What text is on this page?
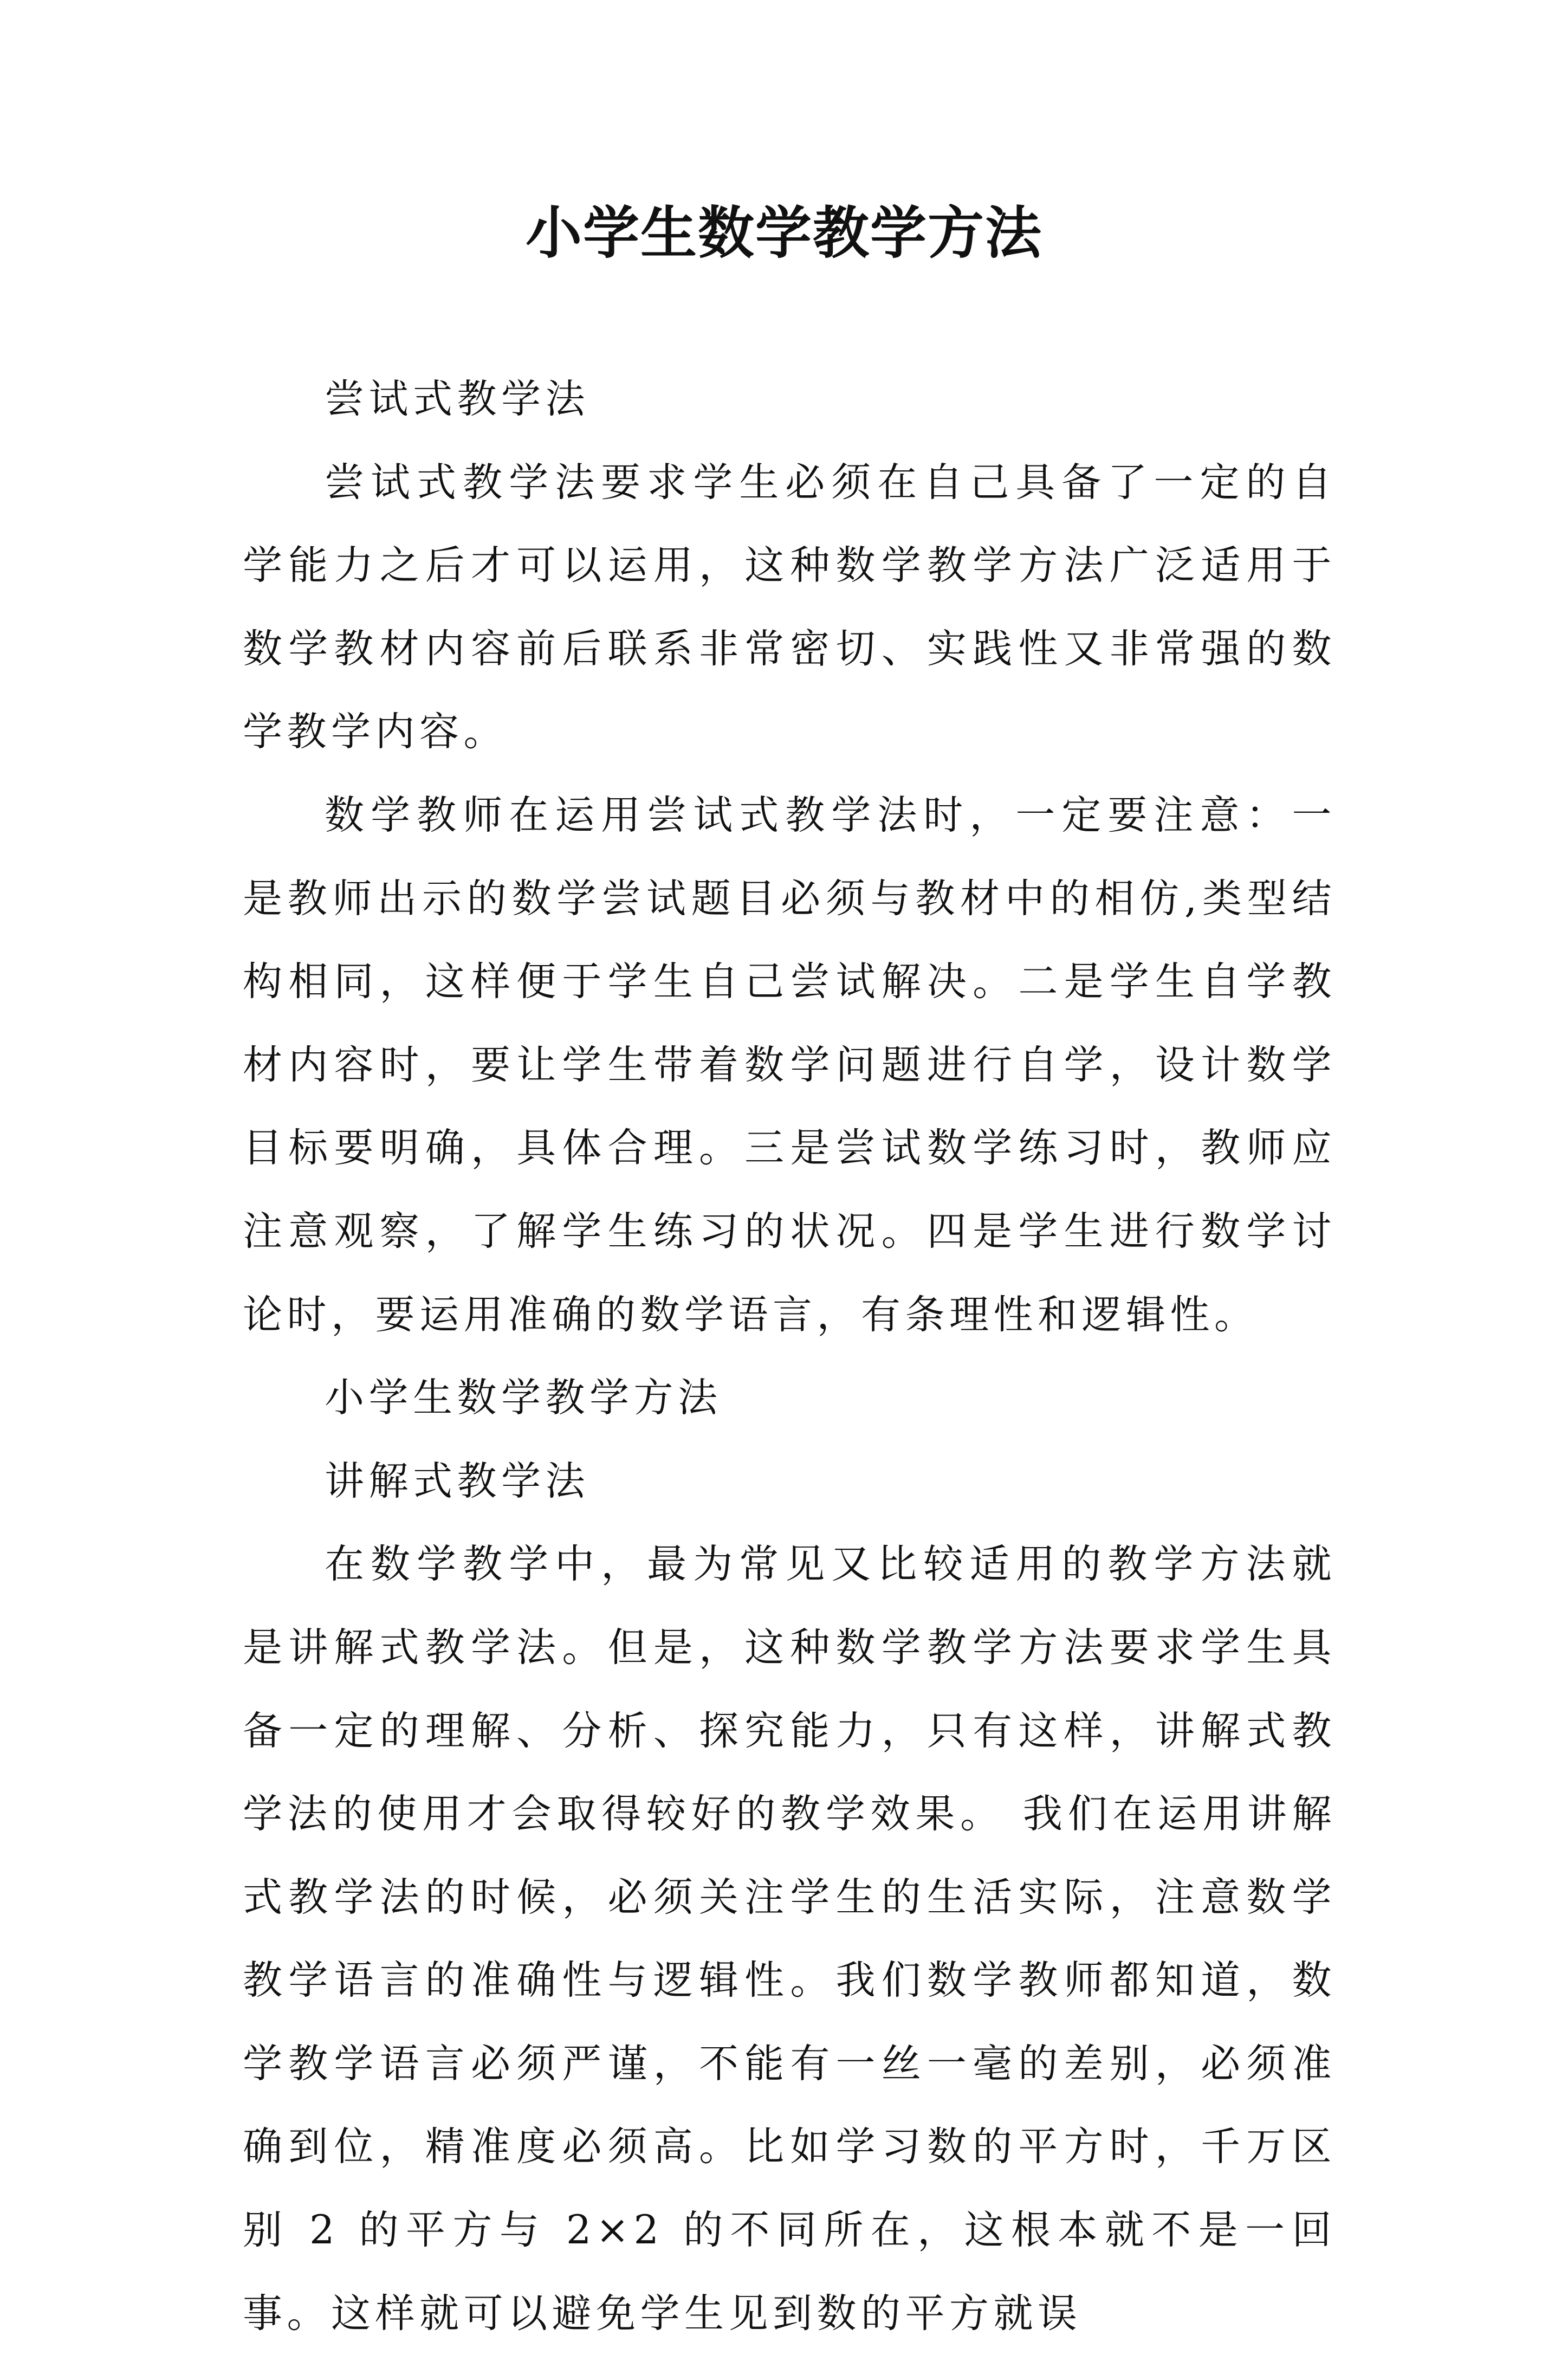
小学生数学教学方法

尝试式教学法

尝试式教学法要求学生必须在自己具备了一定的自学能力之后才可以运用，这种数学教学方法广泛适用于数学教材内容前后联系非常密切、实践性又非常强的数学教学内容。

数学教师在运用尝试式教学法时，一定要注意：一是教师出示的数学尝试题目必须与教材中的相仿,类型结构相同，这样便于学生自己尝试解决。二是学生自学教材内容时，要让学生带着数学问题进行自学，设计数学目标要明确，具体合理。三是尝试数学练习时，教师应注意观察，了解学生练习的状况。四是学生进行数学讨论时，要运用准确的数学语言，有条理性和逻辑性。

小学生数学教学方法

讲解式教学法

在数学教学中，最为常见又比较适用的教学方法就是讲解式教学法。但是，这种数学教学方法要求学生具备一定的理解、分析、探究能力，只有这样，讲解式教学法的使用才会取得较好的教学效果。 我们在运用讲解式教学法的时候，必须关注学生的生活实际，注意数学教学语言的准确性与逻辑性。我们数学教师都知道，数学教学语言必须严谨，不能有一丝一毫的差别，必须准确到位，精准度必须高。比如学习数的平方时，千万区别 2 的平方与 2×2 的不同所在，这根本就不是一回事。这样就可以避免学生见到数的平方就误
